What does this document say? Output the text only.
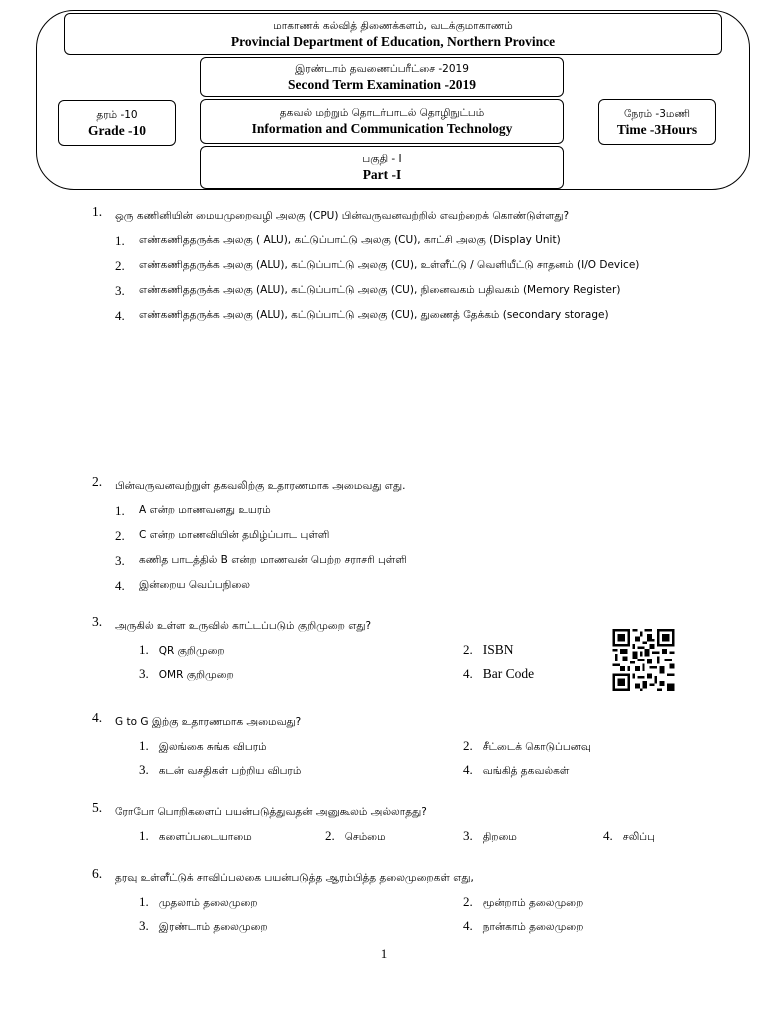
மாகாணக் கல்வித் திணைக்களம், வடக்குமாகாணம்
Provincial Department of Education, Northern Province
இரண்டாம் தவணைப்பரீட்சை -2019
Second Term Examination -2019
தரம் -10
Grade -10
தகவல் மற்றும் தொடர்பாடல் தொழிநுட்பம்
Information and Communication Technology
நேரம் -3மணி
Time -3Hours
பகுதி - I
Part -I
1.	ஒரு கணினியின் மையமுறைவழி அலகு (CPU) பின்வருவனவற்றில் எவற்றைக் கொண்டுள்ளது?
1. எண்கணிததருக்க அலகு ( ALU), கட்டுப்பாட்டு அலகு (CU), காட்சி அலகு (Display Unit)
2. எண்கணிததருக்க அலகு (ALU), கட்டுப்பாட்டு அலகு (CU), உள்ளீட்டு / வெளியீட்டு சாதனம் (I/O Device)
3. எண்கணிததருக்க அலகு (ALU), கட்டுப்பாட்டு அலகு (CU), நினைவகம் பதிவகம் (Memory Register)
4. எண்கணிததருக்க அலகு (ALU), கட்டுப்பாட்டு அலகு (CU), துணைத் தேக்கம் (secondary storage)
2.	பின்வருவனவற்றுள் தகவலிற்கு உதாரணமாக அமைவது எது.
1. A என்ற மாணவனது உயரம்
2. C என்ற மாணவியின் தமிழ்ப்பாட புள்ளி
3. கணித பாடத்தில் B என்ற மாணவன் பெற்ற சராசரி புள்ளி
4. இன்றைய வெப்பநிலை
3.	அருகில் உள்ள உருவில் காட்டப்படும் குறிமுறை எது?
1. QR குறிமுறை	2. ISBN
3. OMR குறிமுறை	4. Bar Code
4.	G to G இற்கு உதாரணமாக அமைவது?
1. இலங்கை சுங்க விபரம்	2. சீட்டைக் கொடுப்பனவு
3. கடன் வசதிகள் பற்றிய விபரம்	4. வங்கித் தகவல்கள்
5.	ரோபோ பொறிகளைப் பயன்படுத்துவதன் அனுகூலம் அல்லாதது?
1. களைப்படையாமை	2. செம்மை	3. திறமை	4. சலிப்பு
6.	தரவு உள்ளீட்டுக் சாவிப்பலகை பயன்படுத்த ஆரம்பித்த தலைமுறைகள் எது,
1. முதலாம் தலைமுறை	2. மூன்றாம் தலைமுறை
3. இரண்டாம் தலைமுறை	4. நான்காம் தலைமுறை
1
